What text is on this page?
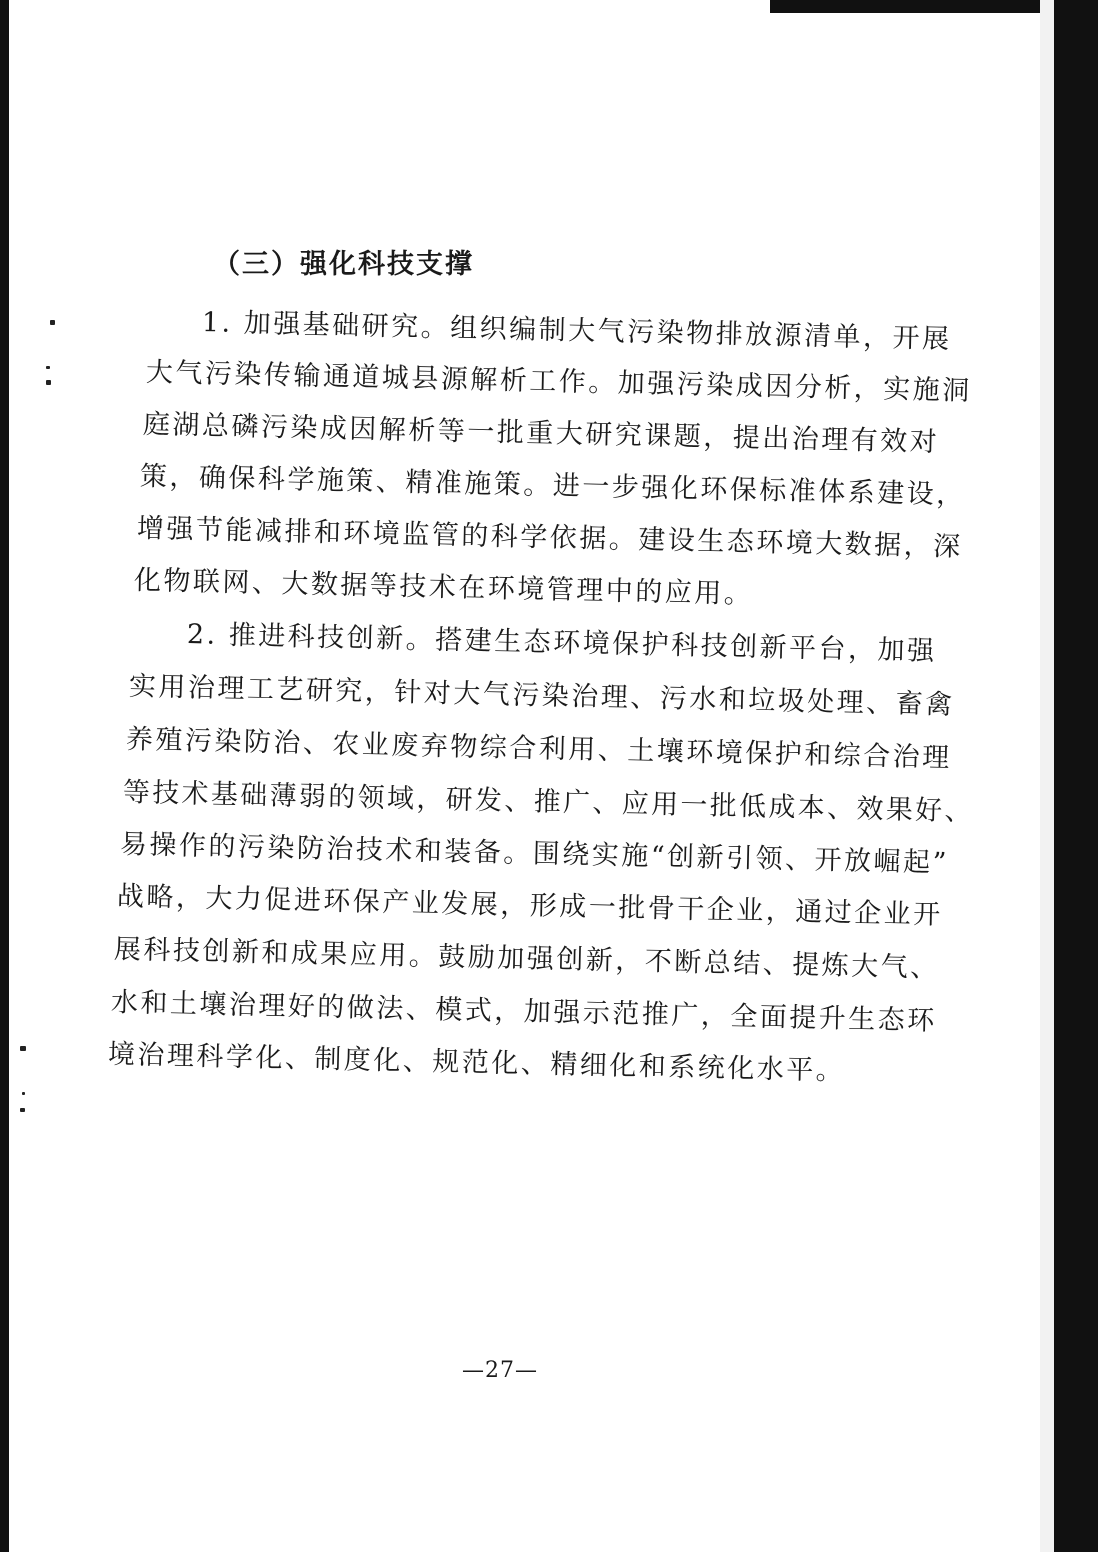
（三）强化科技支撑
1. 加强基础研究。组织编制大气污染物排放源清单，开展
大气污染传输通道城县源解析工作。加强污染成因分析，实施洞
庭湖总磷污染成因解析等一批重大研究课题，提出治理有效对
策，确保科学施策、精准施策。进一步强化环保标准体系建设，
增强节能减排和环境监管的科学依据。建设生态环境大数据，深
化物联网、大数据等技术在环境管理中的应用。
2. 推进科技创新。搭建生态环境保护科技创新平台，加强
实用治理工艺研究，针对大气污染治理、污水和垃圾处理、畜禽
养殖污染防治、农业废弃物综合利用、土壤环境保护和综合治理
等技术基础薄弱的领域，研发、推广、应用一批低成本、效果好、
易操作的污染防治技术和装备。围绕实施“创新引领、开放崛起”
战略，大力促进环保产业发展，形成一批骨干企业，通过企业开
展科技创新和成果应用。鼓励加强创新，不断总结、提炼大气、
水和土壤治理好的做法、模式，加强示范推广，全面提升生态环
境治理科学化、制度化、规范化、精细化和系统化水平。
—27—
